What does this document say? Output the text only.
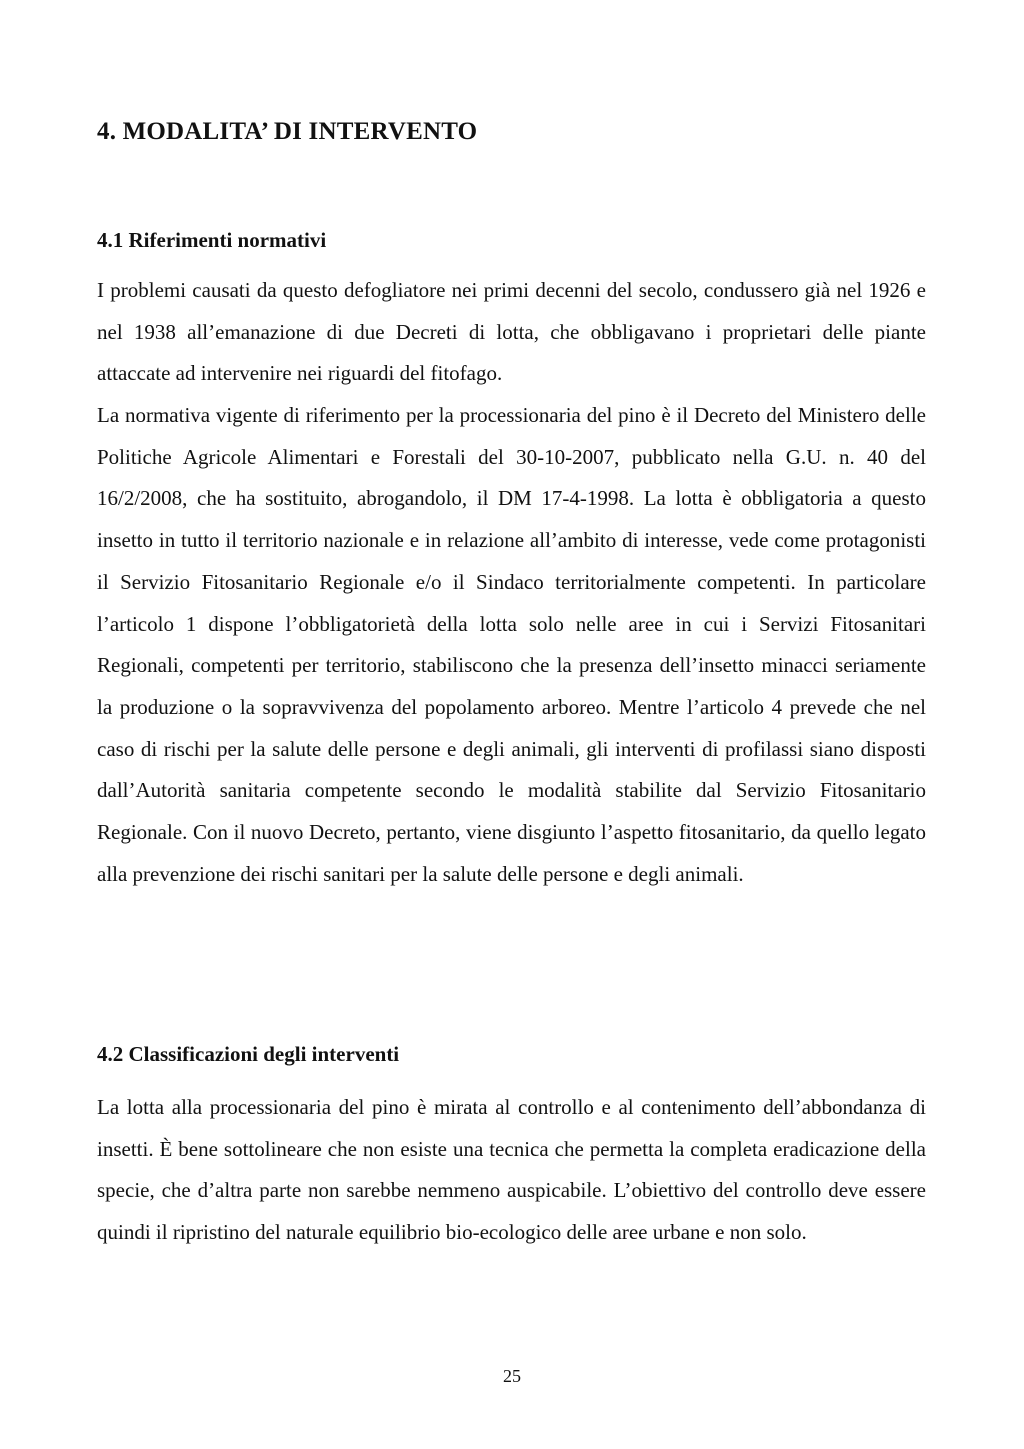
4. MODALITA’ DI INTERVENTO
4.1 Riferimenti normativi

I problemi causati da questo defogliatore nei primi decenni del secolo, condussero già nel 1926 e nel 1938 all’emanazione di due Decreti di lotta, che obbligavano i proprietari delle piante attaccate ad intervenire nei riguardi del fitofago.

La normativa vigente di riferimento per la processionaria del pino è il Decreto del Ministero delle Politiche Agricole Alimentari e Forestali del 30-10-2007, pubblicato nella G.U. n. 40 del 16/2/2008, che ha sostituito, abrogandolo, il DM 17-4-1998. La lotta è obbligatoria a questo insetto in tutto il territorio nazionale e in relazione all’ambito di interesse, vede come protagonisti il Servizio Fitosanitario Regionale e/o il Sindaco territorialmente competenti. In particolare l’articolo 1 dispone l’obbligatorietà della lotta solo nelle aree in cui i Servizi Fitosanitari Regionali, competenti per territorio, stabiliscono che la presenza dell’insetto minacci seriamente la produzione o la sopravvivenza del popolamento arboreo. Mentre l’articolo 4 prevede che nel caso di rischi per la salute delle persone e degli animali, gli interventi di profilassi siano disposti dall’Autorità sanitaria competente secondo le modalità stabilite dal Servizio Fitosanitario Regionale. Con il nuovo Decreto, pertanto, viene disgiunto l’aspetto fitosanitario, da quello legato alla prevenzione dei rischi sanitari per la salute delle persone e degli animali.

4.2 Classificazioni degli interventi

La lotta alla processionaria del pino è mirata al controllo e al contenimento dell’abbondanza di insetti. È bene sottolineare che non esiste una tecnica che permetta la completa eradicazione della specie, che d’altra parte non sarebbe nemmeno auspicabile. L’obiettivo del controllo deve essere quindi il ripristino del naturale equilibrio bio-ecologico delle aree urbane e non solo.

25
